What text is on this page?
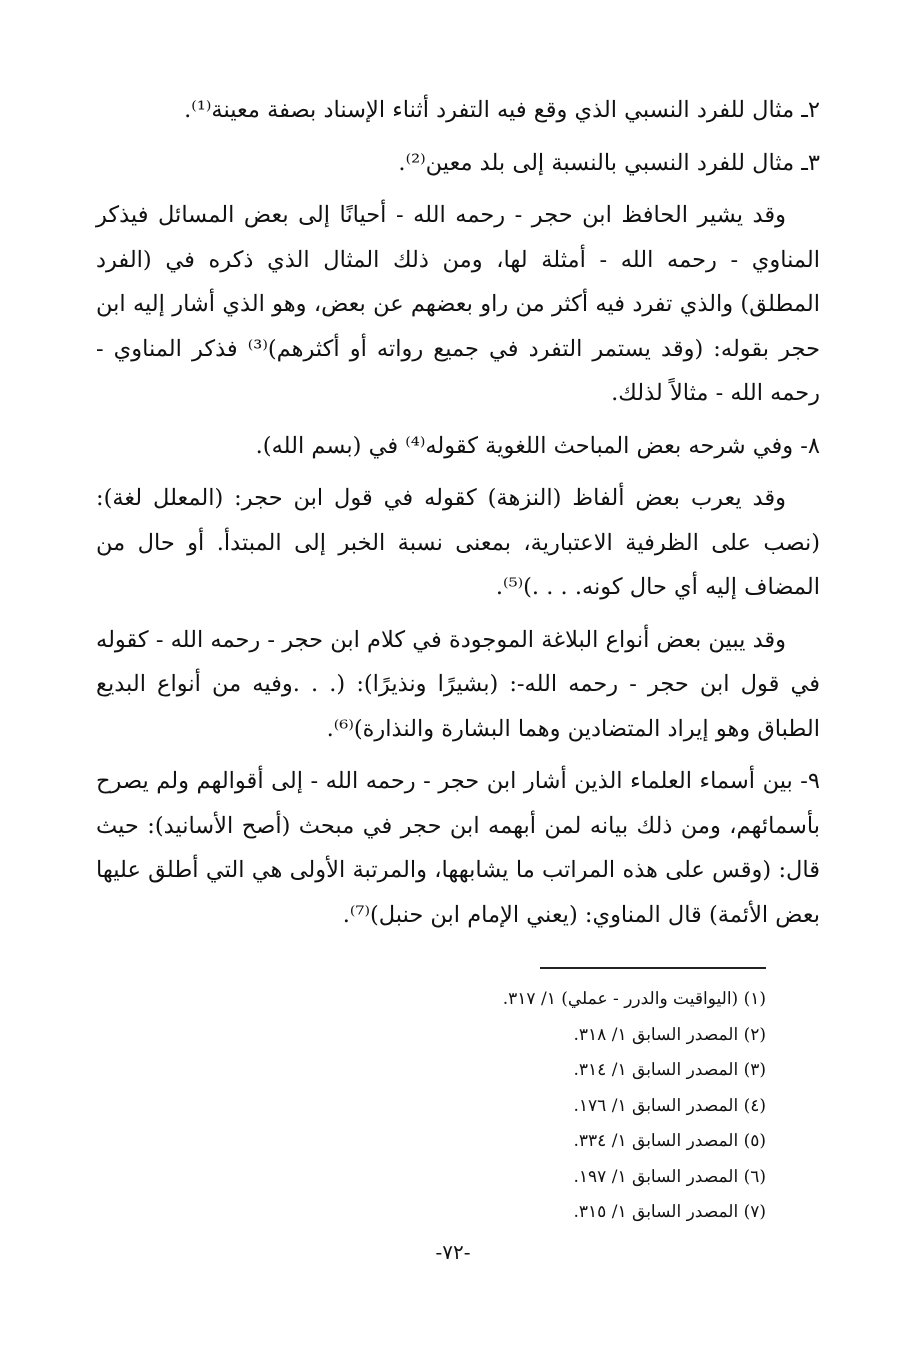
٢ـ مثال للفرد النسبي الذي وقع فيه التفرد أثناء الإسناد بصفة معينة⁽¹⁾.

٣ـ مثال للفرد النسبي بالنسبة إلى بلد معين⁽²⁾.

وقد يشير الحافظ ابن حجر - رحمه الله - أحيانًا إلى بعض المسائل فيذكر المناوي - رحمه الله - أمثلة لها، ومن ذلك المثال الذي ذكره في (الفرد المطلق) والذي تفرد فيه أكثر من راو بعضهم عن بعض، وهو الذي أشار إليه ابن حجر بقوله: (وقد يستمر التفرد في جميع رواته أو أكثرهم)⁽³⁾ فذكر المناوي - رحمه الله - مثالاً لذلك.

٨- وفي شرحه بعض المباحث اللغوية كقوله⁽⁴⁾ في (بسم الله).

وقد يعرب بعض ألفاظ (النزهة) كقوله في قول ابن حجر: (المعلل لغة): (نصب على الظرفية الاعتبارية، بمعنى نسبة الخبر إلى المبتدأ. أو حال من المضاف إليه أي حال كونه. . . .)⁽⁵⁾.

وقد يبين بعض أنواع البلاغة الموجودة في كلام ابن حجر - رحمه الله - كقوله في قول ابن حجر - رحمه الله-: (بشيرًا ونذيرًا): (. . .وفيه من أنواع البديع الطباق وهو إيراد المتضادين وهما البشارة والنذارة)⁽⁶⁾.

٩- بين أسماء العلماء الذين أشار ابن حجر - رحمه الله - إلى أقوالهم ولم يصرح بأسمائهم، ومن ذلك بيانه لمن أبهمه ابن حجر في مبحث (أصح الأسانيد): حيث قال: (وقس على هذه المراتب ما يشابهها، والمرتبة الأولى هي التي أطلق عليها بعض الأئمة) قال المناوي: (يعني الإمام ابن حنبل)⁽⁷⁾.

(١) (اليواقيت والدرر - عملي) ١/ ٣١٧.
(٢) المصدر السابق ١/ ٣١٨.
(٣) المصدر السابق ١/ ٣١٤.
(٤) المصدر السابق ١/ ١٧٦.
(٥) المصدر السابق ١/ ٣٣٤.
(٦) المصدر السابق ١/ ١٩٧.
(٧) المصدر السابق ١/ ٣١٥.
-٧٢-
